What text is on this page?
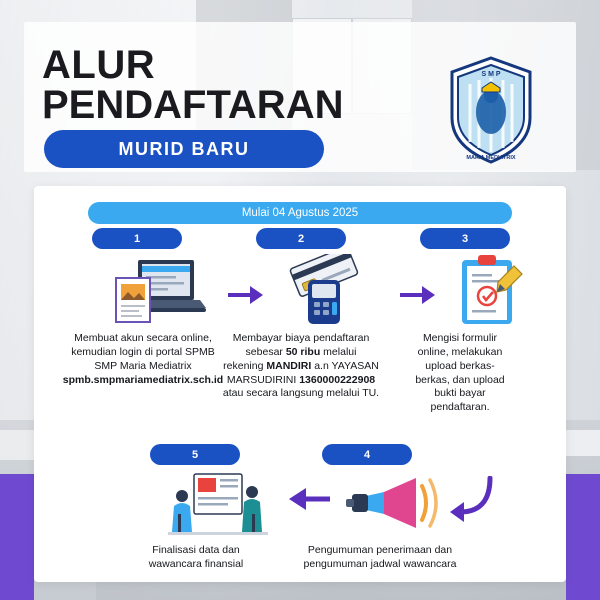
ALUR
PENDAFTARAN
MURID BARU
S M P
MARIA MEDIATRIX
Mulai 04 Agustus 2025
1	2	3
5	4
Membuat akun secara online,
kemudian login di portal SPMB
SMP Maria Mediatrix
spmb.smpmariamediatrix.sch.id
Membayar biaya pendaftaran
sebesar 50 ribu melalui
rekening MANDIRI a.n YAYASAN
MARSUDIRINI 1360000222908
atau secara langsung melalui TU.
Mengisi formulir
online, melakukan
upload berkas-
berkas, dan upload
bukti bayar
pendaftaran.
Finalisasi data dan
wawancara finansial
Pengumuman penerimaan dan
pengumuman jadwal wawancara
